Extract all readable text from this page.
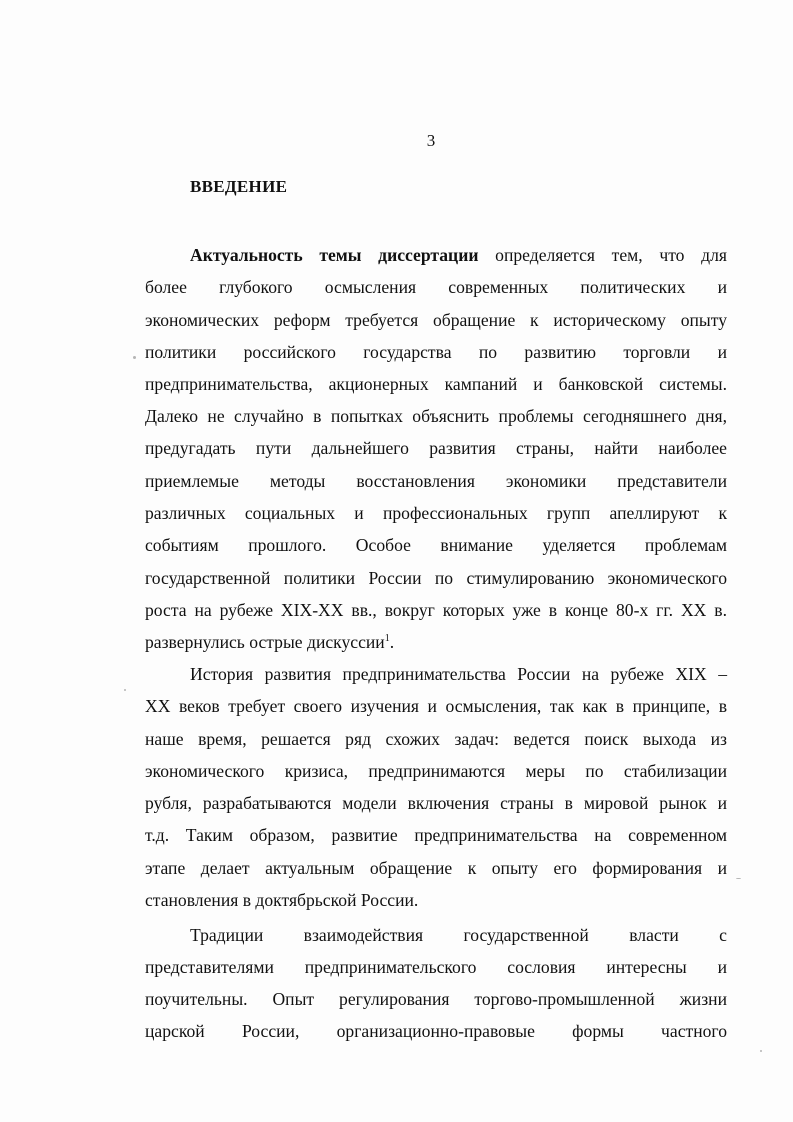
3
ВВЕДЕНИЕ
Актуальность темы диссертации определяется тем, что для
более глубокого осмысления современных политических и
экономических реформ требуется обращение к историческому опыту
политики российского государства по развитию торговли и
предпринимательства, акционерных кампаний и банковской системы.
Далеко не случайно в попытках объяснить проблемы сегодняшнего дня,
предугадать пути дальнейшего развития страны, найти наиболее
приемлемые методы восстановления экономики представители
различных социальных и профессиональных групп апеллируют к
событиям прошлого. Особое внимание уделяется проблемам
государственной политики России по стимулированию экономического
роста на рубеже XIX-XX вв., вокруг которых уже в конце 80-х гг. XX в.
развернулись острые дискуссии$^1$.
История развития предпринимательства России на рубеже XIX –
XX веков требует своего изучения и осмысления, так как в принципе, в
наше время, решается ряд схожих задач: ведется поиск выхода из
экономического кризиса, предпринимаются меры по стабилизации
рубля, разрабатываются модели включения страны в мировой рынок и
т.д. Таким образом, развитие предпринимательства на современном
этапе делает актуальным обращение к опыту его формирования и
становления в доктябрьской России.
Традиции взаимодействия государственной власти с
представителями предпринимательского сословия интересны и
поучительны. Опыт регулирования торгово-промышленной жизни
царской России, организационно-правовые формы частного
